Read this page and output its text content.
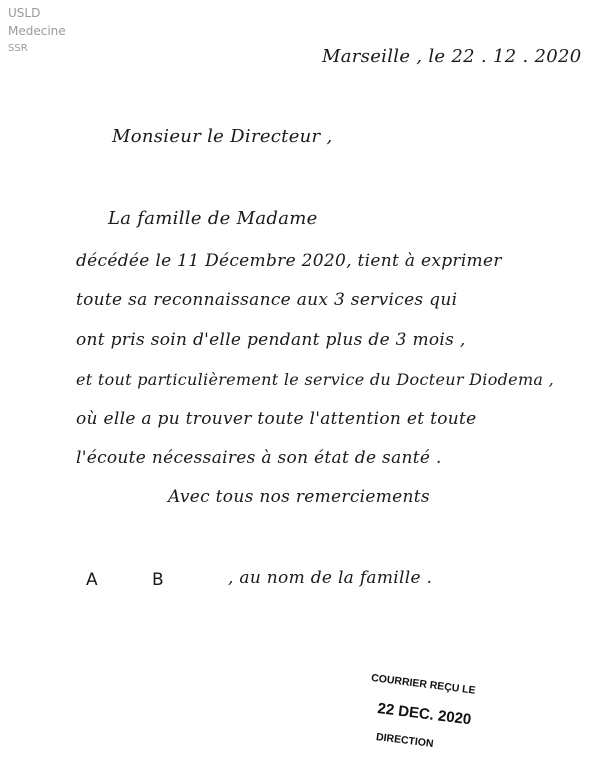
USLD
Medecine
SSR	Marseille , le 22 . 12 . 2020
Monsieur le Directeur ,
La famille de Madame
décédée le 11 Décembre 2020, tient à exprimer
toute sa reconnaissance aux 3 services qui
ont pris soin d'elle pendant plus de 3 mois ,
et tout particulièrement le service du Docteur Diodema ,
où elle a pu trouver toute l'attention et toute
l'écoute nécessaires à son état de santé .
Avec tous nos remerciements
A	B	, au nom de la famille .
COURRIER REÇU LE
22 DEC. 2020
DIRECTION
